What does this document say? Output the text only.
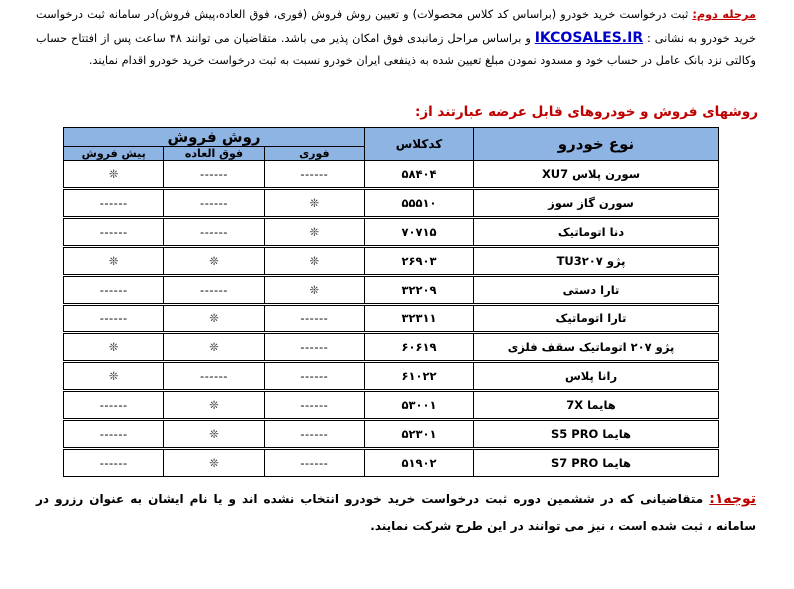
مرحله دوم: ثبت درخواست خرید خودرو (براساس کد کلاس محصولات) و تعیین روش فروش (فوری، فوق العاده،پیش فروش)در سامانه ثبت درخواست خرید خودرو به نشانی : IKCOSALES.IR و براساس مراحل زمانبدی فوق امکان پذیر می باشد. متقاضیان می توانند ۴۸ ساعت پس از افتتاح حساب وکالتی نزد بانک عامل در حساب خود و مسدود نمودن مبلغ تعیین شده به ذینفعی ایران خودرو نسبت به ثبت درخواست خرید خودرو اقدام نمایند.
روشهای فروش و خودروهای قابل عرضه عبارتند از:
نوع خودرو	کدکلاس	روش فروش		
		فوری	فوق العاده	پیش فروش
سورن پلاس XU7	۵۸۴۰۴	------	------	❊
سورن گاز سوز	۵۵۵۱۰	❊	------	------
دنا اتوماتیک	۷۰۷۱۵	❊	------	------
پژو TU3۲۰۷	۲۶۹۰۳	❊	❊	❊
تارا دستی	۳۲۲۰۹	❊	------	------
تارا اتوماتیک	۳۲۳۱۱	------	❊	------
پژو ۲۰۷ اتوماتیک سقف فلزی	۶۰۶۱۹	------	❊	❊
رانا پلاس	۶۱۰۲۲	------	------	❊
هایما 7X	۵۳۰۰۱	------	❊	------
هایما S5 PRO	۵۲۳۰۱	------	❊	------
هایما S7 PRO	۵۱۹۰۲	------	❊	------
توجه۱: متقاضیانی که در ششمین دوره ثبت درخواست خرید خودرو انتخاب نشده اند و یا نام ایشان به عنوان رزرو در سامانه ، ثبت شده است ، نیز می توانند در این طرح شرکت نمایند.
